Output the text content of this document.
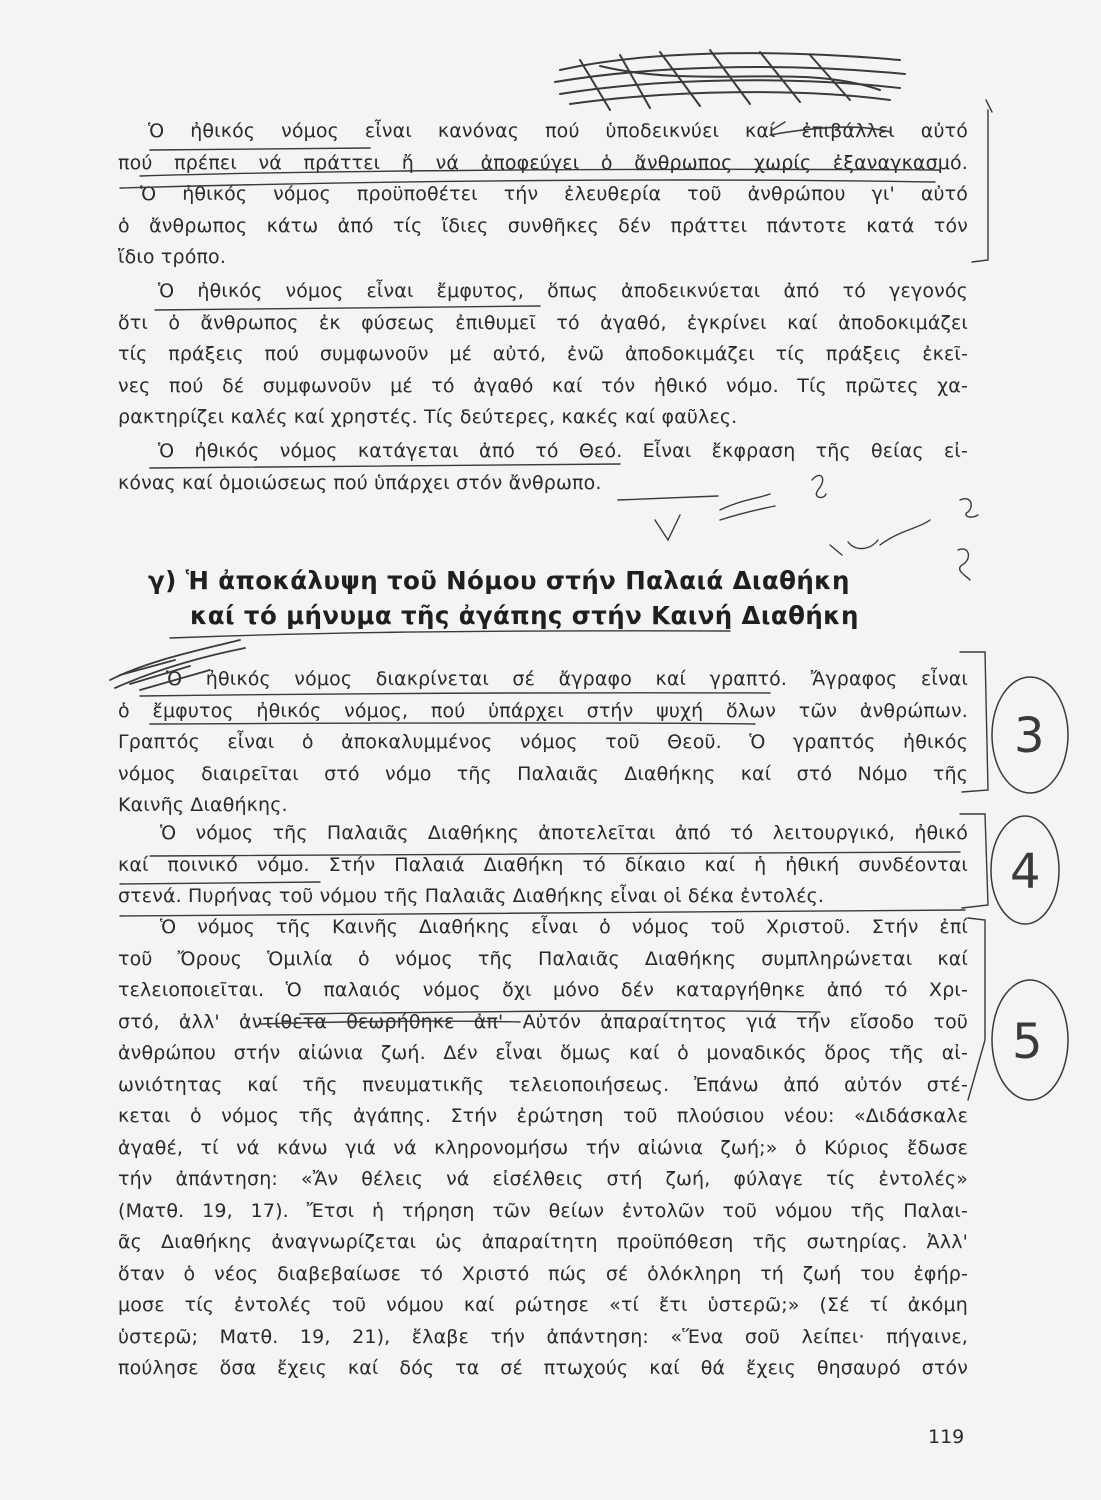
Ὁ ἠθικός νόμος εἶναι κανόνας πού ὑποδεικνύει καί ἐπιβάλλει αὐτό
πού πρέπει νά πράττει ἤ νά ἀποφεύγει ὁ ἄνθρωπος χωρίς ἐξαναγκασμό.
Ὁ ἠθικός νόμος προϋποθέτει τήν ἐλευθερία τοῦ ἀνθρώπου γι' αὐτό
ὁ ἄνθρωπος κάτω ἀπό τίς ἴδιες συνθῆκες δέν πράττει πάντοτε κατά τόν
ἴδιο τρόπο.
Ὁ ἠθικός νόμος εἶναι ἔμφυτος, ὅπως ἀποδεικνύεται ἀπό τό γεγονός
ὅτι ὁ ἄνθρωπος ἐκ φύσεως ἐπιθυμεῖ τό ἀγαθό, ἐγκρίνει καί ἀποδοκιμάζει
τίς πράξεις πού συμφωνοῦν μέ αὐτό, ἐνῶ ἀποδοκιμάζει τίς πράξεις ἐκεῖ-
νες πού δέ συμφωνοῦν μέ τό ἀγαθό καί τόν ἠθικό νόμο. Τίς πρῶτες χα-
ρακτηρίζει καλές καί χρηστές. Τίς δεύτερες, κακές καί φαῦλες.
Ὁ ἠθικός νόμος κατάγεται ἀπό τό Θεό. Εἶναι ἔκφραση τῆς θείας εἰ-
κόνας καί ὁμοιώσεως πού ὑπάρχει στόν ἄνθρωπο.
γ) Ἡ ἀποκάλυψη τοῦ Νόμου στήν Παλαιά Διαθήκη
καί τό μήνυμα τῆς ἀγάπης στήν Καινή Διαθήκη
Ὁ ἠθικός νόμος διακρίνεται σέ ἄγραφο καί γραπτό. Ἄγραφος εἶναι
ὁ ἔμφυτος ἠθικός νόμος, πού ὑπάρχει στήν ψυχή ὅλων τῶν ἀνθρώπων.
Γραπτός εἶναι ὁ ἀποκαλυμμένος νόμος τοῦ Θεοῦ. Ὁ γραπτός ἠθικός
νόμος διαιρεῖται στό νόμο τῆς Παλαιᾶς Διαθήκης καί στό Νόμο τῆς
Καινῆς Διαθήκης.
Ὁ νόμος τῆς Παλαιᾶς Διαθήκης ἀποτελεῖται ἀπό τό λειτουργικό, ἠθικό
καί ποινικό νόμο. Στήν Παλαιά Διαθήκη τό δίκαιο καί ἡ ἠθική συνδέονται
στενά. Πυρήνας τοῦ νόμου τῆς Παλαιᾶς Διαθήκης εἶναι οἱ δέκα ἐντολές.
Ὁ νόμος τῆς Καινῆς Διαθήκης εἶναι ὁ νόμος τοῦ Χριστοῦ. Στήν ἐπί
τοῦ Ὄρους Ὁμιλία ὁ νόμος τῆς Παλαιᾶς Διαθήκης συμπληρώνεται καί
τελειοποιεῖται. Ὁ παλαιός νόμος ὄχι μόνο δέν καταργήθηκε ἀπό τό Χρι-
στό, ἀλλ' ἀντίθετα θεωρήθηκε ἀπ' Αὐτόν ἀπαραίτητος γιά τήν εἴσοδο τοῦ
ἀνθρώπου στήν αἰώνια ζωή. Δέν εἶναι ὅμως καί ὁ μοναδικός ὅρος τῆς αἰ-
ωνιότητας καί τῆς πνευματικῆς τελειοποιήσεως. Ἐπάνω ἀπό αὐτόν στέ-
κεται ὁ νόμος τῆς ἀγάπης. Στήν ἐρώτηση τοῦ πλούσιου νέου: «Διδάσκαλε
ἀγαθέ, τί νά κάνω γιά νά κληρονομήσω τήν αἰώνια ζωή;» ὁ Κύριος ἔδωσε
τήν ἀπάντηση: «Ἄν θέλεις νά εἰσέλθεις στή ζωή, φύλαγε τίς ἐντολές»
(Ματθ. 19, 17). Ἔτσι ἡ τήρηση τῶν θείων ἐντολῶν τοῦ νόμου τῆς Παλαι-
ᾶς Διαθήκης ἀναγνωρίζεται ὡς ἀπαραίτητη προϋπόθεση τῆς σωτηρίας. Ἀλλ'
ὅταν ὁ νέος διαβεβαίωσε τό Χριστό πώς σέ ὁλόκληρη τή ζωή του ἐφήρ-
μοσε τίς ἐντολές τοῦ νόμου καί ρώτησε «τί ἔτι ὑστερῶ;» (Σέ τί ἀκόμη
ὑστερῶ; Ματθ. 19, 21), ἔλαβε τήν ἀπάντηση: «Ἕνα σοῦ λείπει· πήγαινε,
πούλησε ὅσα ἔχεις καί δός τα σέ πτωχούς καί θά ἔχεις θησαυρό στόν
119
3
4
5
